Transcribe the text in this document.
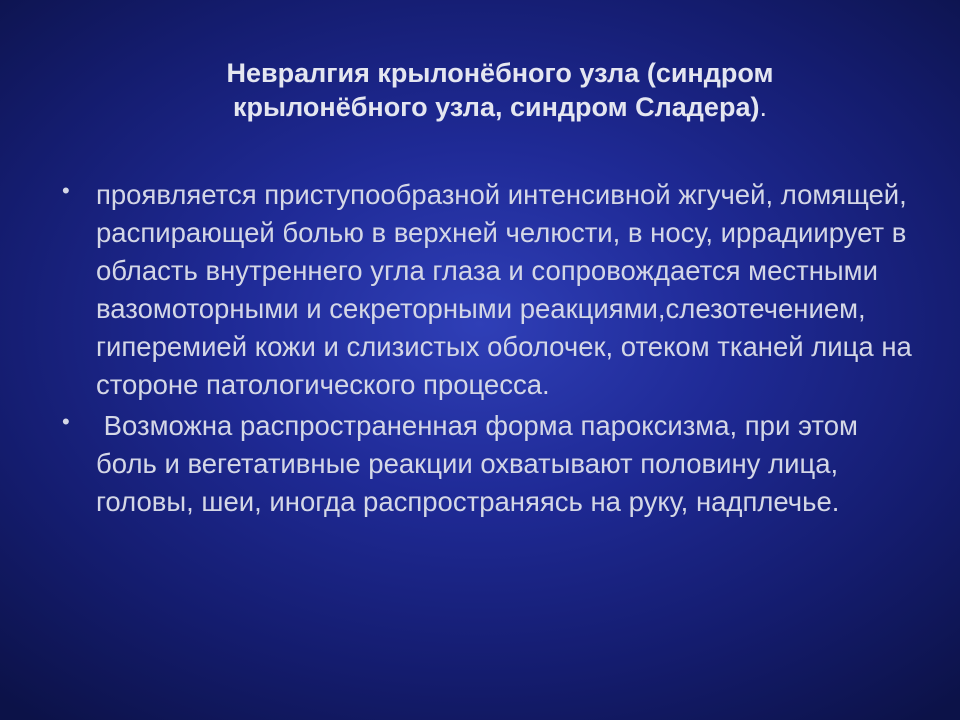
Невралгия крылонёбного узла (синдром крылонёбного узла, синдром Сладера).
• проявляется приступообразной интенсивной жгучей, ломящей, распирающей болью в верхней челюсти, в носу, иррадиирует в область внутреннего угла глаза и сопровождается местными вазомоторными и секреторными реакциями,слезотечением, гиперемией кожи и слизистых оболочек, отеком тканей лица на стороне патологического процесса.
• Возможна распространенная форма пароксизма, при этом боль и вегетативные реакции охватывают половину лица, головы, шеи, иногда распространяясь на руку, надплечье.
